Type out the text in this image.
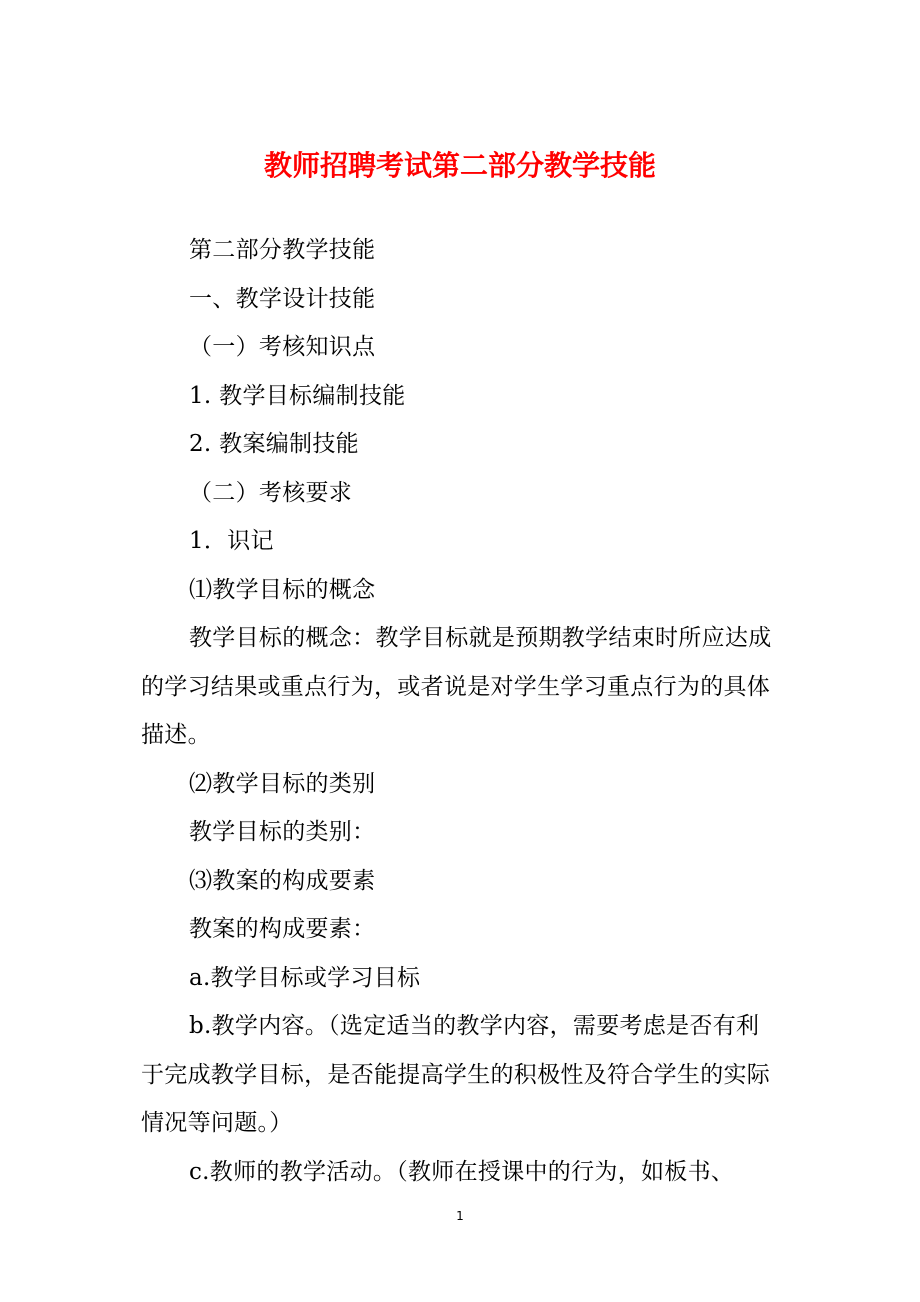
教师招聘考试第二部分教学技能

第二部分教学技能

一、教学设计技能

（一）考核知识点

1. 教学目标编制技能

2. 教案编制技能

（二）考核要求

1．识记

⑴教学目标的概念

教学目标的概念：教学目标就是预期教学结束时所应达成的学习结果或重点行为，或者说是对学生学习重点行为的具体描述。

⑵教学目标的类别

教学目标的类别：

⑶教案的构成要素

教案的构成要素：

a.教学目标或学习目标

b.教学内容。（选定适当的教学内容，需要考虑是否有利于完成教学目标，是否能提高学生的积极性及符合学生的实际情况等问题。）

c.教师的教学活动。（教师在授课中的行为，如板书、

1
